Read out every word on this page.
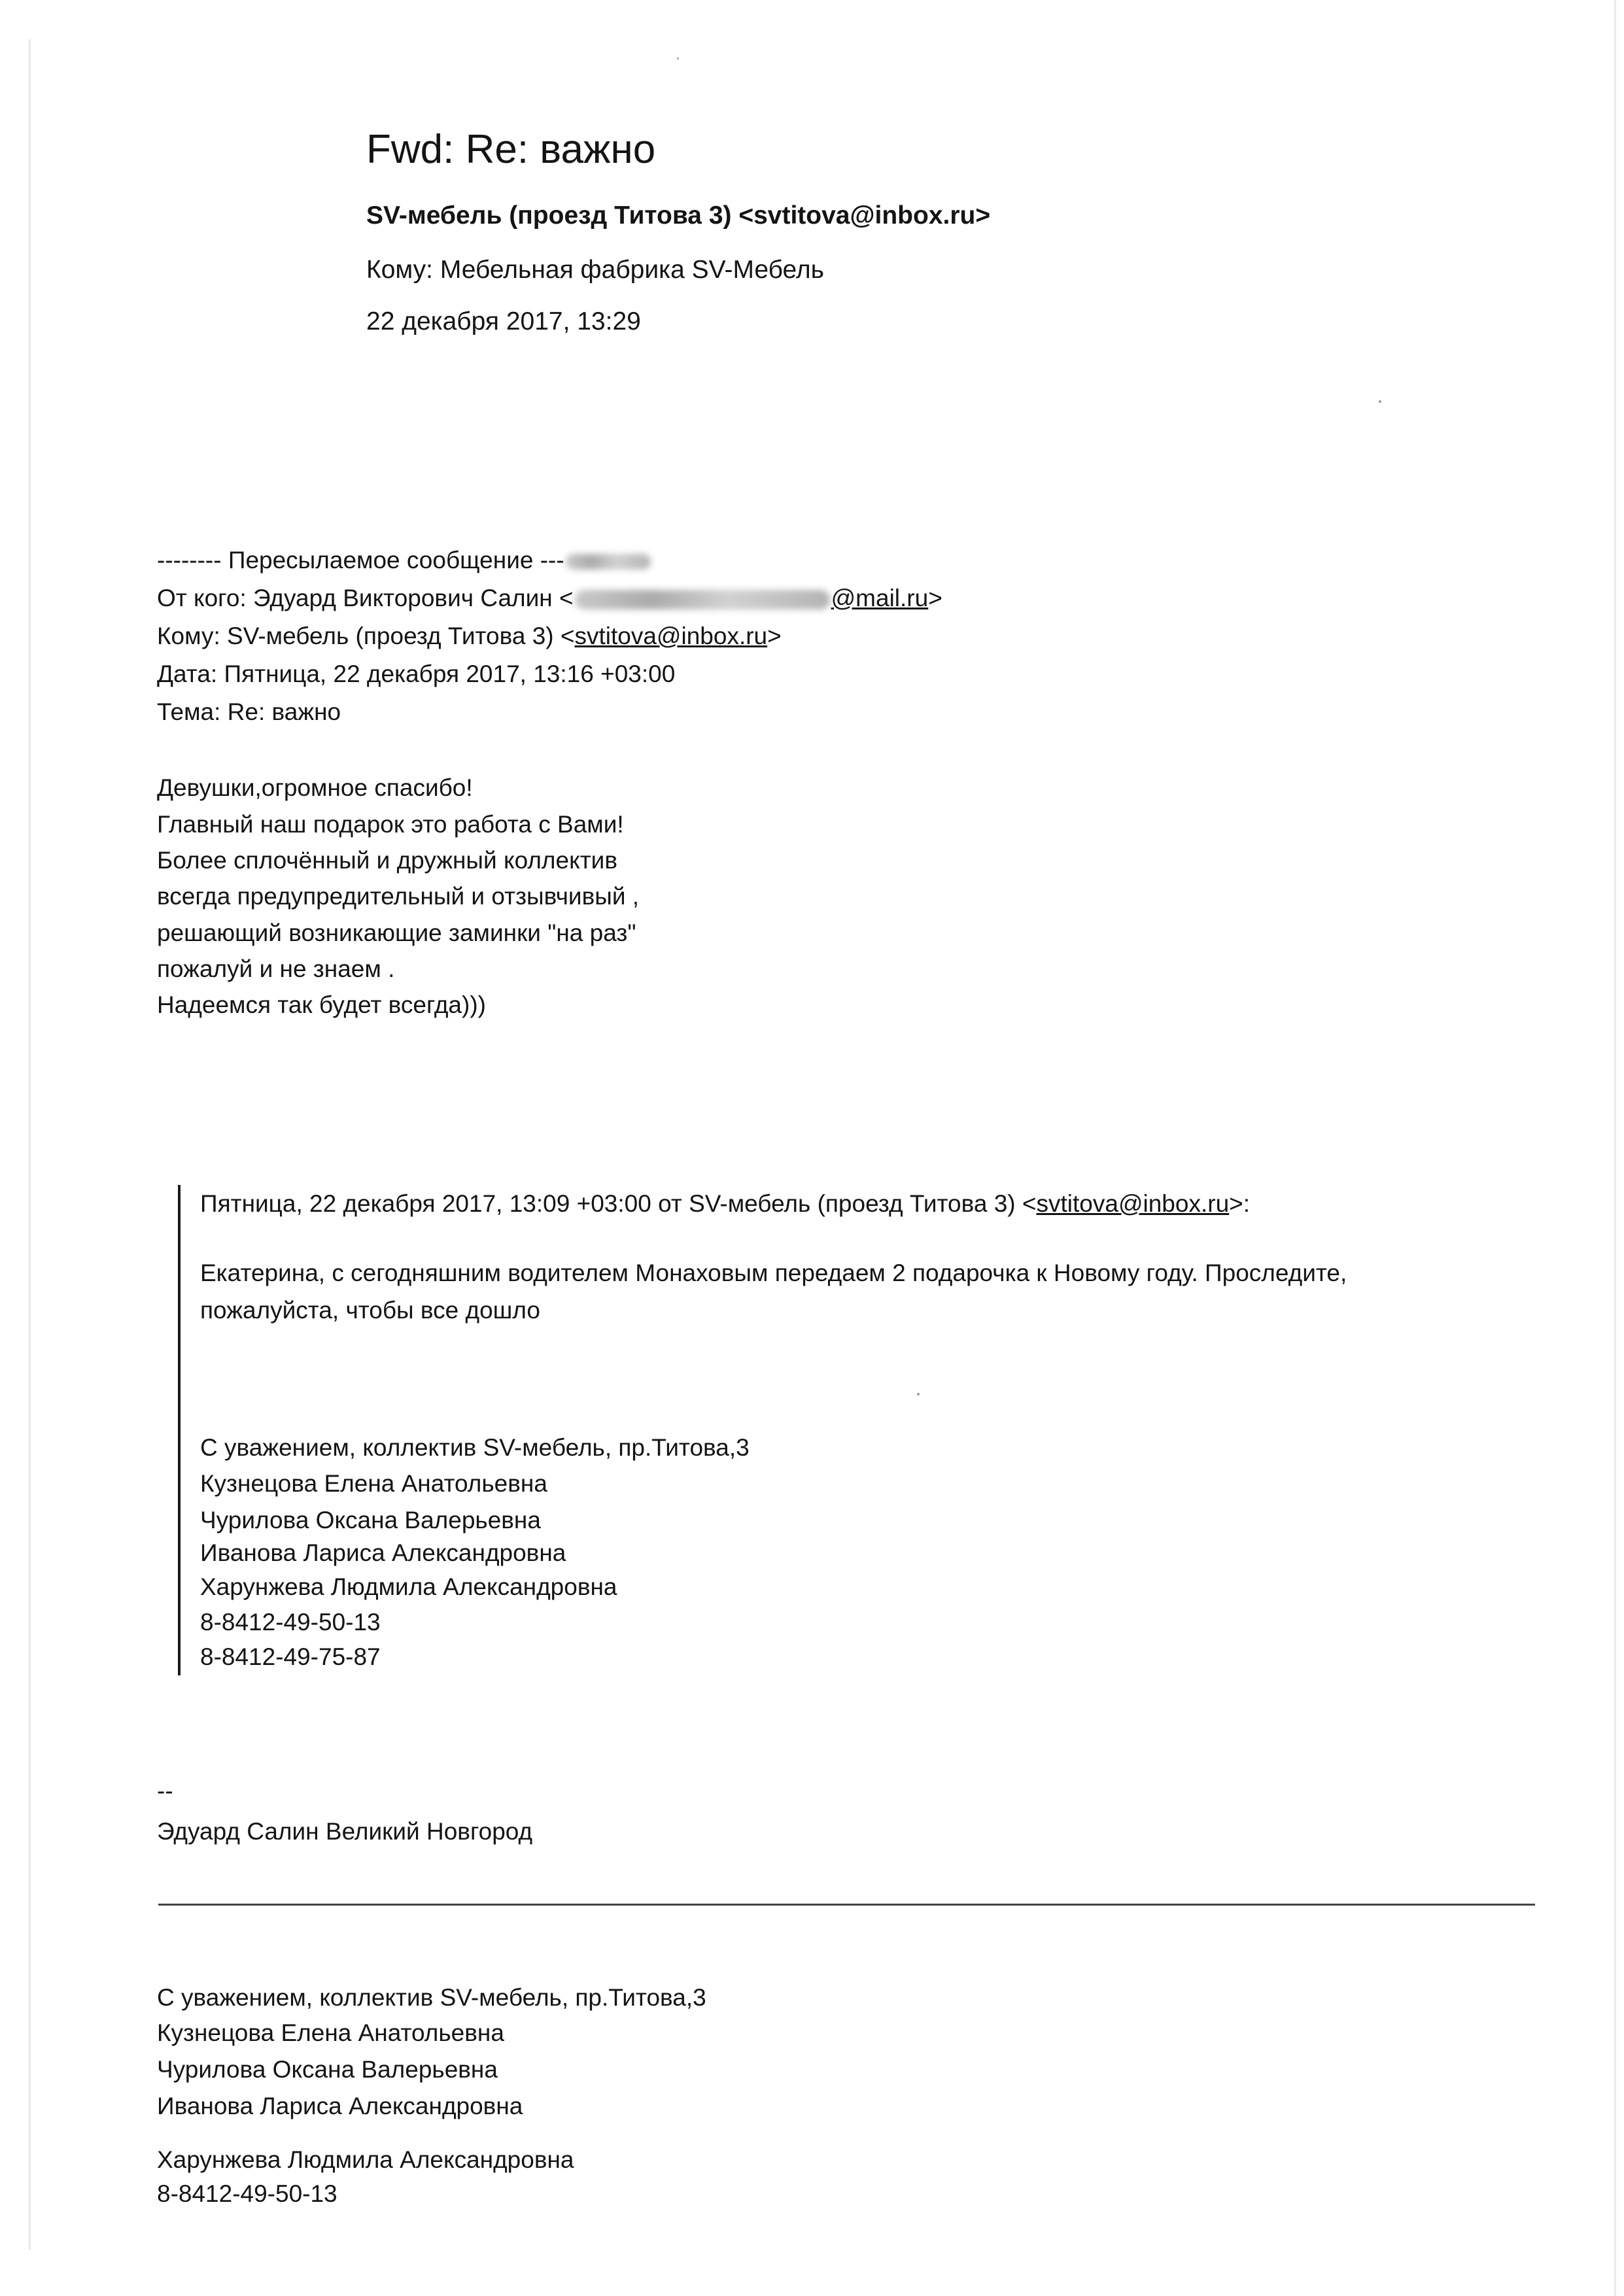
Fwd: Re: важно
SV-мебель (проезд Титова 3) <svtitova@inbox.ru>
Кому: Мебельная фабрика SV-Мебель
22 декабря 2017, 13:29
-------- Пересылаемое сообщение ---
От кого: Эдуард Викторович Салин <	@mail.ru>
Кому: SV-мебель (проезд Титова 3) <svtitova@inbox.ru>
Дата: Пятница, 22 декабря 2017, 13:16 +03:00
Тема: Re: важно
Девушки,огромное спасибо!
Главный наш подарок это работа с Вами!
Более сплочённый и дружный коллектив
всегда предупредительный и отзывчивый ,
решающий возникающие заминки "на раз"
пожалуй и не знаем .
Надеемся так будет всегда)))
Пятница, 22 декабря 2017, 13:09 +03:00 от SV-мебель (проезд Титова 3) <svtitova@inbox.ru>:
Екатерина, с сегодняшним водителем Монаховым передаем 2 подарочка к Новому году. Проследите,
пожалуйста, чтобы все дошло
С уважением, коллектив SV-мебель, пр.Титова,3
Кузнецова Елена Анатольевна
Чурилова Оксана Валерьевна
Иванова Лариса Александровна
Харунжева Людмила Александровна
8-8412-49-50-13
8-8412-49-75-87
--
Эдуард Салин Великий Новгород
С уважением, коллектив SV-мебель, пр.Титова,3
Кузнецова Елена Анатольевна
Чурилова Оксана Валерьевна
Иванова Лариса Александровна
Харунжева Людмила Александровна
8-8412-49-50-13
